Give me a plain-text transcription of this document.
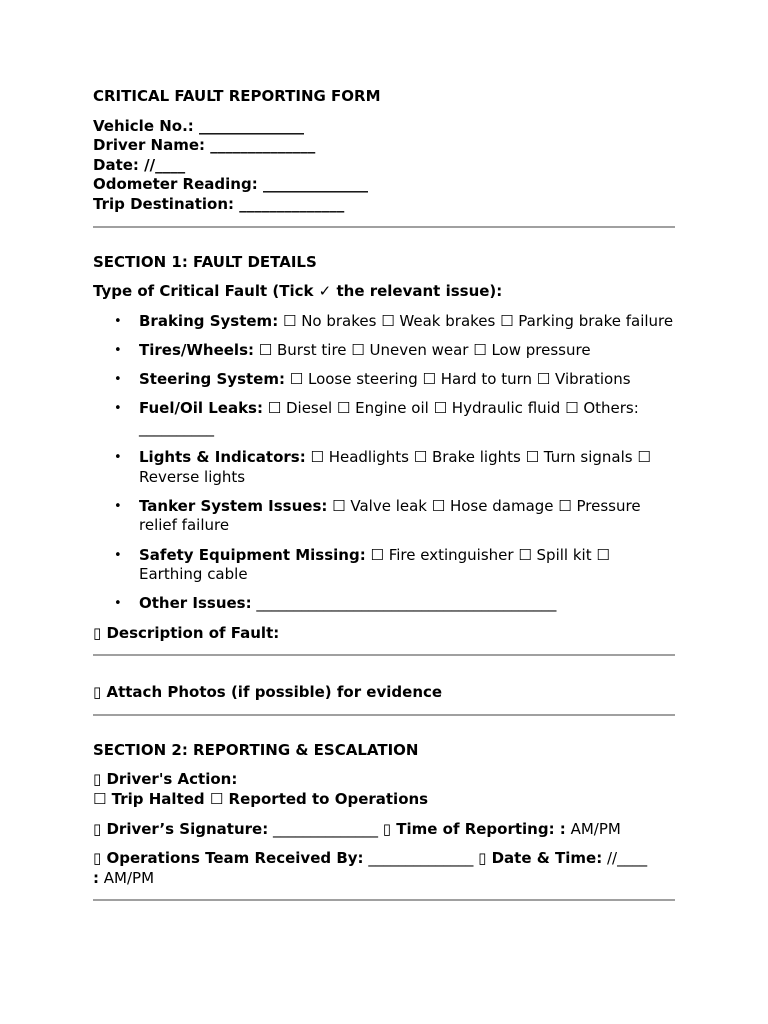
CRITICAL FAULT REPORTING FORM

Vehicle No.: ______________

Driver Name: ______________

Date: //____

Odometer Reading: ______________

Trip Destination: ______________

SECTION 1: FAULT DETAILS

Type of Critical Fault (Tick ✓ the relevant issue):

• Braking System: ☐ No brakes ☐ Weak brakes ☐ Parking brake failure
• Tires/Wheels: ☐ Burst tire ☐ Uneven wear ☐ Low pressure
• Steering System: ☐ Loose steering ☐ Hard to turn ☐ Vibrations
• Fuel/Oil Leaks: ☐ Diesel ☐ Engine oil ☐ Hydraulic fluid ☐ Others: __________
• Lights & Indicators: ☐ Headlights ☐ Brake lights ☐ Turn signals ☐ Reverse lights
• Tanker System Issues: ☐ Valve leak ☐ Hose damage ☐ Pressure relief failure
• Safety Equipment Missing: ☐ Fire extinguisher ☐ Spill kit ☐ Earthing cable
• Other Issues: ________________________________________

▯ Description of Fault:

▯ Attach Photos (if possible) for evidence

SECTION 2: REPORTING & ESCALATION

▯ Driver's Action:

☐ Trip Halted ☐ Reported to Operations

▯ Driver’s Signature: ______________ ▯ Time of Reporting: : AM/PM

▯ Operations Team Received By: ______________ ▯ Date & Time: //____
: AM/PM
